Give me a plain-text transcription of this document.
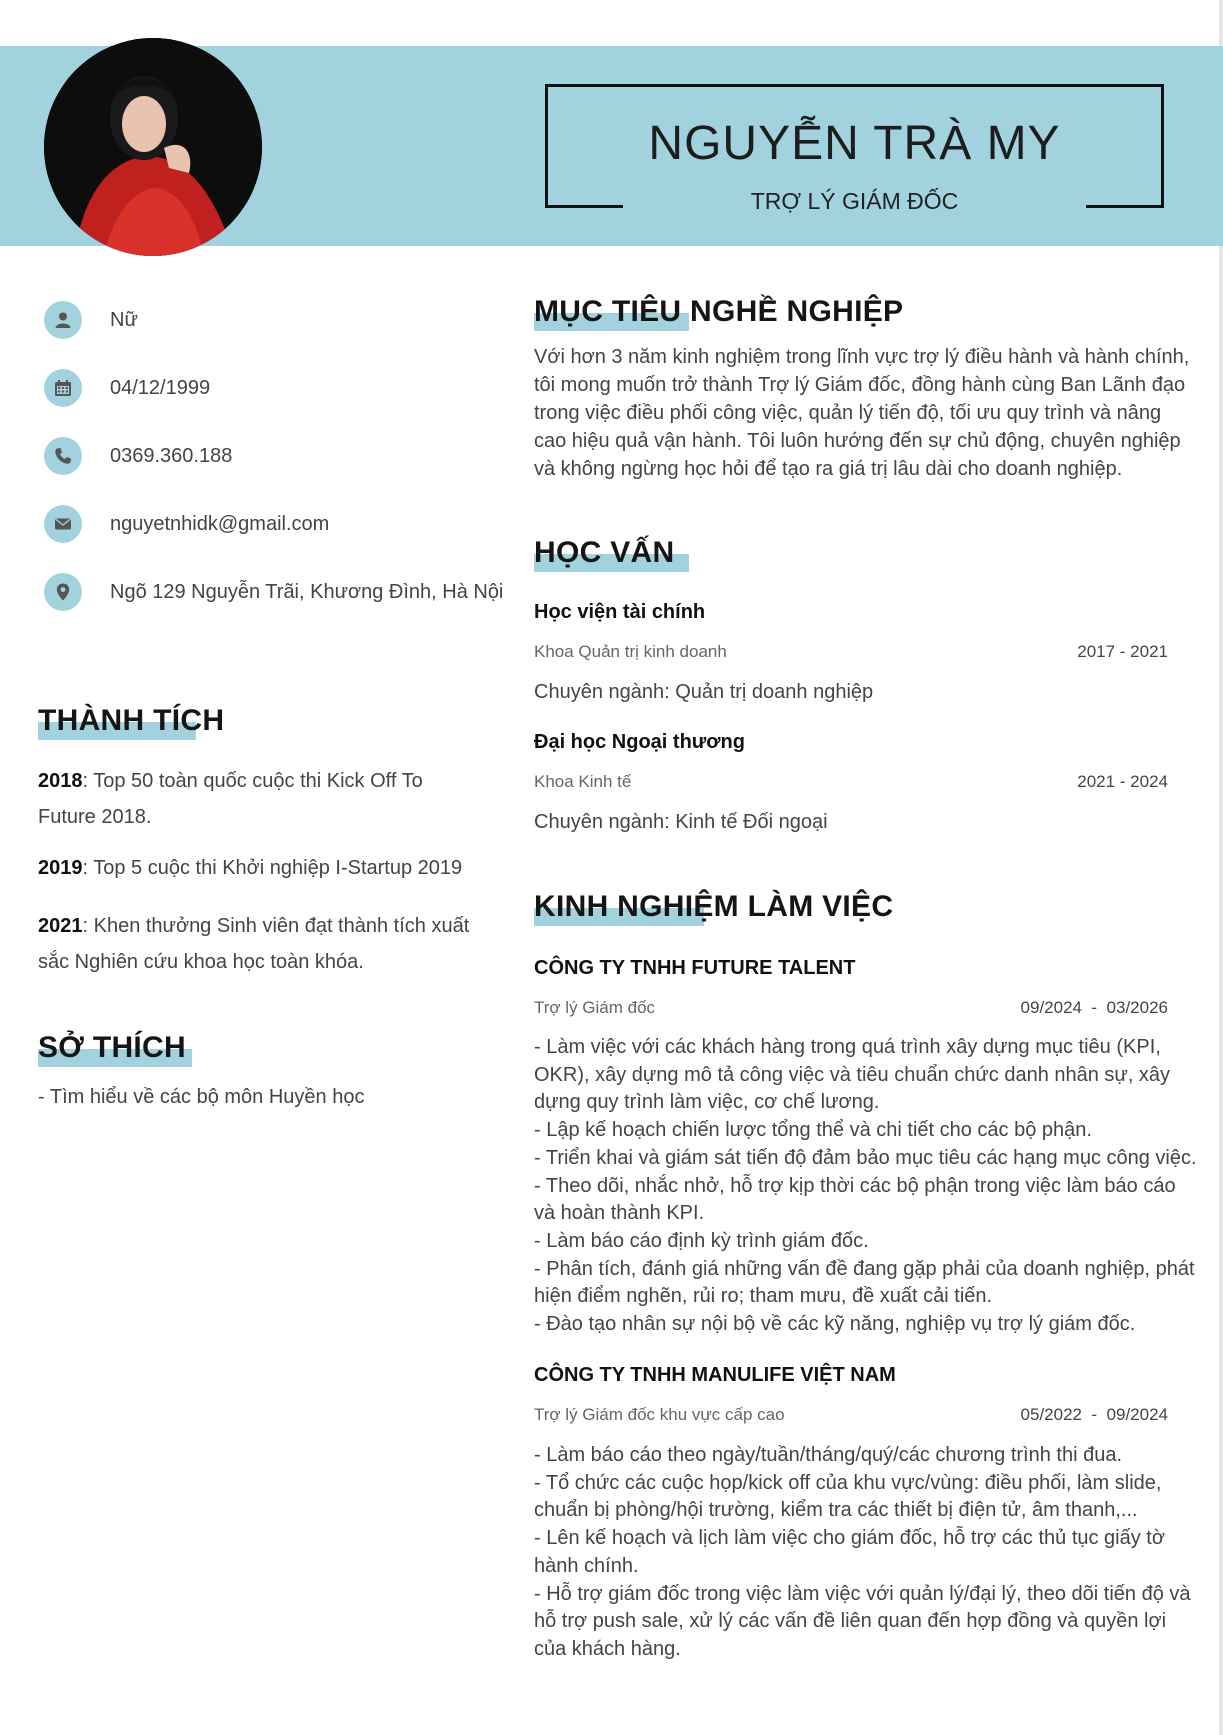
NGUYỄN TRÀ MY
TRỢ LÝ GIÁM ĐỐC
Nữ
04/12/1999
0369.360.188
nguyetnhidk@gmail.com
Ngõ 129 Nguyễn Trãi, Khương Đình, Hà Nội
THÀNH TÍCH
2018: Top 50 toàn quốc cuộc thi Kick Off To Future 2018.
2019: Top 5 cuộc thi Khởi nghiệp I-Startup 2019
2021: Khen thưởng Sinh viên đạt thành tích xuất sắc Nghiên cứu khoa học toàn khóa.
SỞ THÍCH
- Tìm hiểu về các bộ môn Huyền học
MỤC TIÊU NGHỀ NGHIỆP
Với hơn 3 năm kinh nghiệm trong lĩnh vực trợ lý điều hành và hành chính, tôi mong muốn trở thành Trợ lý Giám đốc, đồng hành cùng Ban Lãnh đạo trong việc điều phối công việc, quản lý tiến độ, tối ưu quy trình và nâng cao hiệu quả vận hành. Tôi luôn hướng đến sự chủ động, chuyên nghiệp và không ngừng học hỏi để tạo ra giá trị lâu dài cho doanh nghiệp.
HỌC VẤN
Học viện tài chính
Khoa Quản trị kinh doanh	2017 - 2021
Chuyên ngành: Quản trị doanh nghiệp
Đại học Ngoại thương
Khoa Kinh tế	2021 - 2024
Chuyên ngành: Kinh tế Đối ngoại
KINH NGHIỆM LÀM VIỆC
CÔNG TY TNHH FUTURE TALENT
Trợ lý Giám đốc	09/2024  -  03/2026
- Làm việc với các khách hàng trong quá trình xây dựng mục tiêu (KPI, OKR), xây dựng mô tả công việc và tiêu chuẩn chức danh nhân sự, xây dựng quy trình làm việc, cơ chế lương.
- Lập kế hoạch chiến lược tổng thể và chi tiết cho các bộ phận.
- Triển khai và giám sát tiến độ đảm bảo mục tiêu các hạng mục công việc.
- Theo dõi, nhắc nhở, hỗ trợ kịp thời các bộ phận trong việc làm báo cáo và hoàn thành KPI.
- Làm báo cáo định kỳ trình giám đốc.
- Phân tích, đánh giá những vấn đề đang gặp phải của doanh nghiệp, phát hiện điểm nghẽn, rủi ro; tham mưu, đề xuất cải tiến.
- Đào tạo nhân sự nội bộ về các kỹ năng, nghiệp vụ trợ lý giám đốc.
CÔNG TY TNHH MANULIFE VIỆT NAM
Trợ lý Giám đốc khu vực cấp cao	05/2022  -  09/2024
- Làm báo cáo theo ngày/tuần/tháng/quý/các chương trình thi đua.
- Tổ chức các cuộc họp/kick off của khu vực/vùng: điều phối, làm slide, chuẩn bị phòng/hội trường, kiểm tra các thiết bị điện tử, âm thanh,...
- Lên kế hoạch và lịch làm việc cho giám đốc, hỗ trợ các thủ tục giấy tờ hành chính.
- Hỗ trợ giám đốc trong việc làm việc với quản lý/đại lý, theo dõi tiến độ và hỗ trợ push sale, xử lý các vấn đề liên quan đến hợp đồng và quyền lợi của khách hàng.
